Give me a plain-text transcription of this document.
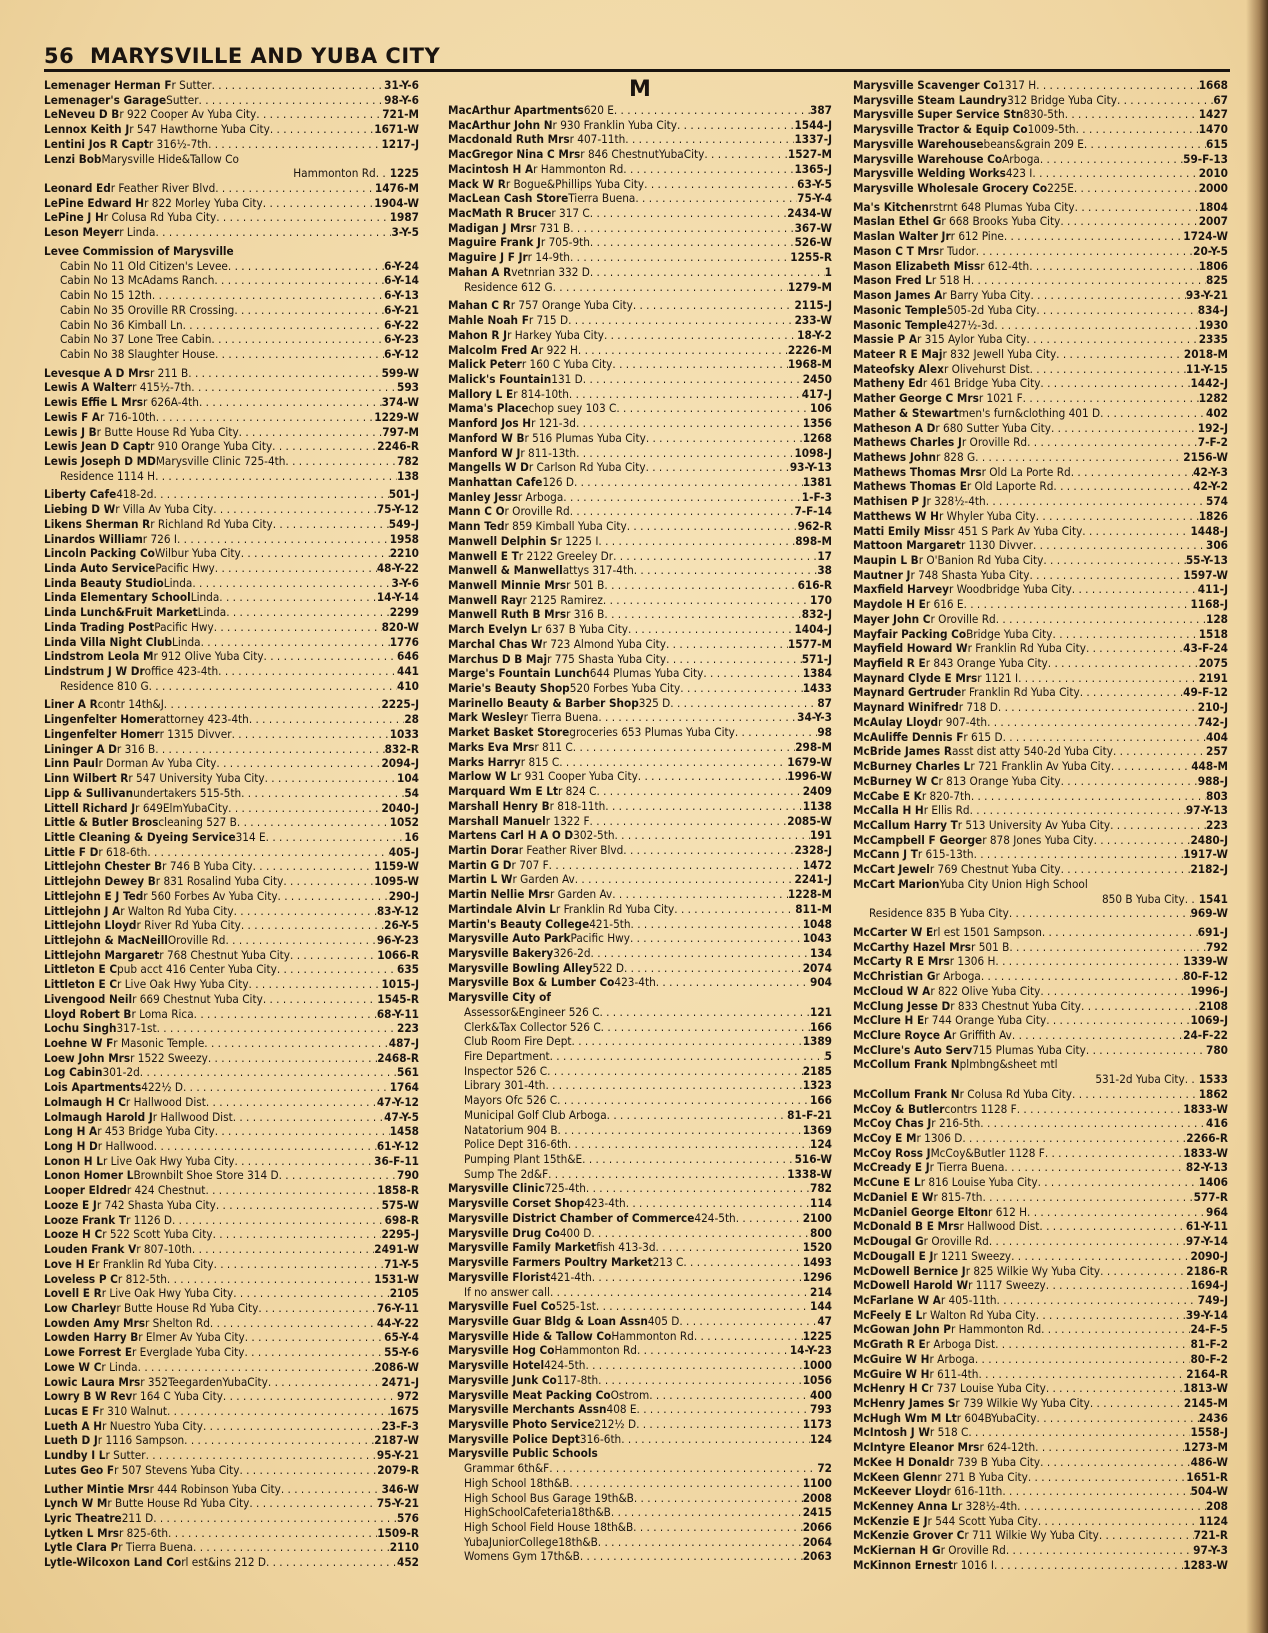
56 MARYSVILLE AND YUBA CITY
Lemenager Herman F r Sutter . . .	31-Y-6
Lemenager's Garage Sutter . . .	98-Y-6
LeNeveu D B r 922 Cooper Av Yuba City . . .	721-M
Lennox Keith J r 547 Hawthorne Yuba City . . .	1671-W
Lentini Jos R Capt r 316½-7th . . .	1217-J
Lenzi Bob Marysville Hide&Tallow Co
Hammonton Rd . . . 1225
Leonard Ed r Feather River Blvd . . .	1476-M
LePine Edward H r 822 Morley Yuba City . . .	1904-W
LePine J H r Colusa Rd Yuba City . . .	1987
Leson Meyer r Linda . . .	3-Y-5
Levee Commission of Marysville
Cabin No 11 Old Citizen's Levee . . .	6-Y-24
Cabin No 13 McAdams Ranch . . .	6-Y-14
Cabin No 15 12th . . .	6-Y-13
Cabin No 35 Oroville RR Crossing . . .	6-Y-21
Cabin No 36 Kimball Ln . . .	6-Y-22
Cabin No 37 Lone Tree Cabin . . .	6-Y-23
Cabin No 38 Slaughter House . . .	6-Y-12
Levesque A D Mrs r 211 B . . .	599-W
Lewis A Walter r 415½-7th . . .	593
Lewis Effie L Mrs r 626A-4th . . .	374-W
Lewis F A r 716-10th . . .	1229-W
Lewis J B r Butte House Rd Yuba City . . .	797-M
Lewis Jean D Capt r 910 Orange Yuba City . . .	2246-R
Lewis Joseph D MD Marysville Clinic 725-4th . . .	782
Residence 1114 H . . .	138
Liberty Cafe 418-2d . . .	501-J
Liebing D W r Villa Av Yuba City . . .	75-Y-12
Likens Sherman R r Richland Rd Yuba City . . .	549-J
Linardos William r 726 I . . .	1958
Lincoln Packing Co Wilbur Yuba City . . .	2210
Linda Auto Service Pacific Hwy . . .	48-Y-22
Linda Beauty Studio Linda . . .	3-Y-6
Linda Elementary School Linda . . .	14-Y-14
Linda Lunch&Fruit Market Linda . . .	2299
Linda Trading Post Pacific Hwy . . .	820-W
Linda Villa Night Club Linda . . .	1776
Lindstrom Leola M r 912 Olive Yuba City . . .	646
Lindstrum J W Dr office 423-4th . . .	441
Residence 810 G . . .	410
Liner A R contr 14th&J . . .	2225-J
Lingenfelter Homer attorney 423-4th . . .	28
Lingenfelter Homer r 1315 Divver . . .	1033
Lininger A D r 316 B . . .	832-R
Linn Paul r Dorman Av Yuba City . . .	2094-J
Linn Wilbert R r 547 University Yuba City . . .	104
Lipp & Sullivan undertakers 515-5th . . .	54
Littell Richard J r 649ElmYubaCity . . .	2040-J
Little & Butler Bros cleaning 527 B . . .	1052
Little Cleaning & Dyeing Service 314 E . . .	16
Little F D r 618-6th . . .	405-J
Littlejohn Chester B r 746 B Yuba City . . .	1159-W
Littlejohn Dewey B r 831 Rosalind Yuba City . . .	1095-W
Littlejohn E J Ted r 560 Forbes Av Yuba City . . .	290-J
Littlejohn J A r Walton Rd Yuba City . . .	83-Y-12
Littlejohn Lloyd r River Rd Yuba City . . .	26-Y-5
Littlejohn & MacNeill Oroville Rd . . .	96-Y-23
Littlejohn Margaret r 768 Chestnut Yuba City . . .	1066-R
Littleton E C pub acct 416 Center Yuba City . . .	635
Littleton E C r Live Oak Hwy Yuba City . . .	1015-J
Livengood Neil r 669 Chestnut Yuba City . . .	1545-R
Lloyd Robert B r Loma Rica . . .	68-Y-11
Lochu Singh 317-1st . . .	223
Loehne W F r Masonic Temple . . .	487-J
Loew John Mrs r 1522 Sweezy . . .	2468-R
Log Cabin 301-2d . . .	561
Lois Apartments 422½ D . . .	1764
Lolmaugh H C r Hallwood Dist . . .	47-Y-12
Lolmaugh Harold J r Hallwood Dist . . .	47-Y-5
Long H A r 453 Bridge Yuba City . . .	1458
Long H D r Hallwood . . .	61-Y-12
Lonon H L r Live Oak Hwy Yuba City . . .	36-F-11
Lonon Homer L Brownbilt Shoe Store 314 D . . .	790
Looper Eldred r 424 Chestnut . . .	1858-R
Looze E J r 742 Shasta Yuba City . . .	575-W
Looze Frank T r 1126 D . . .	698-R
Looze H C r 522 Scott Yuba City . . .	2295-J
Louden Frank V r 807-10th . . .	2491-W
Love H E r Franklin Rd Yuba City . . .	71-Y-5
Loveless P C r 812-5th . . .	1531-W
Lovell E R r Live Oak Hwy Yuba City . . .	2105
Low Charley r Butte House Rd Yuba City . . .	76-Y-11
Lowden Amy Mrs r Shelton Rd . . .	44-Y-22
Lowden Harry B r Elmer Av Yuba City . . .	65-Y-4
Lowe Forrest E r Everglade Yuba City . . .	55-Y-6
Lowe W C r Linda . . .	2086-W
Lowic Laura Mrs r 352TeegardenYubaCity . . .	2471-J
Lowry B W Rev r 164 C Yuba City . . .	972
Lucas E F r 310 Walnut . . .	1675
Lueth A H r Nuestro Yuba City . . .	23-F-3
Lueth D J r 1116 Sampson . . .	2187-W
Lundby I L r Sutter . . .	95-Y-21
Lutes Geo F r 507 Stevens Yuba City . . .	2079-R
Luther Mintie Mrs r 444 Robinson Yuba City . . .	346-W
Lynch W M r Butte House Rd Yuba City . . .	75-Y-21
Lyric Theatre 211 D . . .	576
Lytken L Mrs r 825-6th . . .	1509-R
Lytle Clara P r Tierra Buena . . .	2110
Lytle-Wilcoxon Land Co rl est&ins 212 D . . .	452
M
MacArthur Apartments 620 E . . .	387
MacArthur John N r 930 Franklin Yuba City . . .	1544-J
Macdonald Ruth Mrs r 407-11th . . .	1337-J
MacGregor Nina C Mrs r 846 ChestnutYubaCity . . .	1527-M
Macintosh H A r Hammonton Rd . . .	1365-J
Mack W R r Bogue&Phillips Yuba City . . .	63-Y-5
MacLean Cash Store Tierra Buena . . .	75-Y-4
MacMath R Bruce r 317 C . . .	2434-W
Madigan J Mrs r 731 B . . .	367-W
Maguire Frank J r 705-9th . . .	526-W
Maguire J F Jr r 14-9th . . .	1255-R
Mahan A R vetnrian 332 D . . .	1
Residence 612 G . . .	1279-M
Mahan C R r 757 Orange Yuba City . . .	2115-J
Mahle Noah F r 715 D . . .	233-W
Mahon R J r Harkey Yuba City . . .	18-Y-2
Malcolm Fred A r 922 H . . .	2226-M
Malick Peter r 160 C Yuba City . . .	1968-M
Malick's Fountain 131 D . . .	2450
Mallory L E r 814-10th . . .	417-J
Mama's Place chop suey 103 C . . .	106
Manford Jos H r 121-3d . . .	1356
Manford W B r 516 Plumas Yuba City . . .	1268
Manford W J r 811-13th . . .	1098-J
Mangells W D r Carlson Rd Yuba City . . .	93-Y-13
Manhattan Cafe 126 D . . .	1381
Manley Jess r Arboga . . .	1-F-3
Mann C O r Oroville Rd . . .	7-F-14
Mann Ted r 859 Kimball Yuba City . . .	962-R
Manwell Delphin S r 1225 I . . .	898-M
Manwell E T r 2122 Greeley Dr . . .	17
Manwell & Manwell attys 317-4th . . .	38
Manwell Minnie Mrs r 501 B . . .	616-R
Manwell Ray r 2125 Ramirez . . .	170
Manwell Ruth B Mrs r 316 B . . .	832-J
March Evelyn L r 637 B Yuba City . . .	1404-J
Marchal Chas W r 723 Almond Yuba City . . .	1577-M
Marchus D B Maj r 775 Shasta Yuba City . . .	571-J
Marge's Fountain Lunch 644 Plumas Yuba City . . .	1384
Marie's Beauty Shop 520 Forbes Yuba City . . .	1433
Marinello Beauty & Barber Shop 325 D . . .	87
Mark Wesley r Tierra Buena . . .	34-Y-3
Market Basket Store groceries 653 Plumas Yuba City . . .	98
Marks Eva Mrs r 811 C . . .	298-M
Marks Harry r 815 C . . .	1679-W
Marlow W L r 931 Cooper Yuba City . . .	1996-W
Marquard Wm E Lt r 824 C . . .	2409
Marshall Henry B r 818-11th . . .	1138
Marshall Manuel r 1322 F . . .	2085-W
Martens Carl H A O D 302-5th . . .	191
Martin Dora r Feather River Blvd . . .	2328-J
Martin G D r 707 F . . .	1472
Martin L W r Garden Av . . .	2241-J
Martin Nellie Mrs r Garden Av . . .	1228-M
Martindale Alvin L r Franklin Rd Yuba City . . .	811-M
Martin's Beauty College 421-5th . . .	1048
Marysville Auto Park Pacific Hwy . . .	1043
Marysville Bakery 326-2d . . .	134
Marysville Bowling Alley 522 D . . .	2074
Marysville Box & Lumber Co 423-4th . . .	904
Marysville City of
Assessor&Engineer 526 C . . .	121
Clerk&Tax Collector 526 C . . .	166
Club Room Fire Dept . . .	1389
Fire Department . . .	5
Inspector 526 C . . .	2185
Library 301-4th . . .	1323
Mayors Ofc 526 C . . .	166
Municipal Golf Club Arboga . . .	81-F-21
Natatorium 904 B . . .	1369
Police Dept 316-6th . . .	124
Pumping Plant 15th&E . . .	516-W
Sump The 2d&F . . .	1338-W
Marysville Clinic 725-4th . . .	782
Marysville Corset Shop 423-4th . . .	114
Marysville District Chamber of Commerce 424-5th . . .	2100
Marysville Drug Co 400 D . . .	800
Marysville Family Market fish 413-3d . . .	1520
Marysville Farmers Poultry Market 213 C . . .	1493
Marysville Florist 421-4th . . .	1296
If no answer call . . .	214
Marysville Fuel Co 525-1st . . .	144
Marysville Guar Bldg & Loan Assn 405 D . . .	47
Marysville Hide & Tallow Co Hammonton Rd . . .	1225
Marysville Hog Co Hammonton Rd . . .	14-Y-23
Marysville Hotel 424-5th . . .	1000
Marysville Junk Co 117-8th . . .	1056
Marysville Meat Packing Co Ostrom . . .	400
Marysville Merchants Assn 408 E . . .	793
Marysville Photo Service 212½ D . . .	1173
Marysville Police Dept 316-6th . . .	124
Marysville Public Schools
Grammar 6th&F . . .	72
High School 18th&B . . .	1100
High School Bus Garage 19th&B . . .	2008
HighSchoolCafeteria18th&B . . .	2415
High School Field House 18th&B . . .	2066
YubaJuniorCollege18th&B . . .	2064
Womens Gym 17th&B . . .	2063
Marysville Scavenger Co 1317 H . . .	1668
Marysville Steam Laundry 312 Bridge Yuba City . . .	67
Marysville Super Service Stn 830-5th . . .	1427
Marysville Tractor & Equip Co 1009-5th . . .	1470
Marysville Warehouse beans&grain 209 E . . .	615
Marysville Warehouse Co Arboga . . .	59-F-13
Marysville Welding Works 423 I . . .	2010
Marysville Wholesale Grocery Co 225E . . .	2000
Ma's Kitchen rstrnt 648 Plumas Yuba City . . .	1804
Maslan Ethel G r 668 Brooks Yuba City . . .	2007
Maslan Walter Jr r 612 Pine . . .	1724-W
Mason C T Mrs r Tudor . . .	20-Y-5
Mason Elizabeth Miss r 612-4th . . .	1806
Mason Fred L r 518 H . . .	825
Mason James A r Barry Yuba City . . .	93-Y-21
Masonic Temple 505-2d Yuba City . . .	834-J
Masonic Temple 427½-3d . . .	1930
Massie P A r 315 Aylor Yuba City . . .	2335
Mateer R E Maj r 832 Jewell Yuba City . . .	2018-M
Mateofsky Alex r Olivehurst Dist . . .	11-Y-15
Matheny Ed r 461 Bridge Yuba City . . .	1442-J
Mather George C Mrs r 1021 F . . .	1282
Mather & Stewart men's furn&clothing 401 D . . .	402
Matheson A D r 680 Sutter Yuba City . . .	192-J
Mathews Charles J r Oroville Rd . . .	7-F-2
Mathews John r 828 G . . .	2156-W
Mathews Thomas Mrs r Old La Porte Rd . . .	42-Y-3
Mathews Thomas E r Old Laporte Rd . . .	42-Y-2
Mathisen P J r 328½-4th . . .	574
Matthews W H r Whyler Yuba City . . .	1826
Matti Emily Miss r 451 S Park Av Yuba City . . .	1448-J
Mattoon Margaret r 1130 Divver . . .	306
Maupin L B r O'Banion Rd Yuba City . . .	55-Y-13
Mautner J r 748 Shasta Yuba City . . .	1597-W
Maxfield Harvey r Woodbridge Yuba City . . .	411-J
Maydole H E r 616 E . . .	1168-J
Mayer John C r Oroville Rd . . .	128
Mayfair Packing Co Bridge Yuba City . . .	1518
Mayfield Howard W r Franklin Rd Yuba City . . .	43-F-24
Mayfield R E r 843 Orange Yuba City . . .	2075
Maynard Clyde E Mrs r 1121 I . . .	2191
Maynard Gertrude r Franklin Rd Yuba City . . .	49-F-12
Maynard Winifred r 718 D . . .	210-J
McAulay Lloyd r 907-4th . . .	742-J
McAuliffe Dennis F r 615 D . . .	404
McBride James R asst dist atty 540-2d Yuba City . . .	257
McBurney Charles L r 721 Franklin Av Yuba City . . .	448-M
McBurney W C r 813 Orange Yuba City . . .	988-J
McCabe E K r 820-7th . . .	803
McCalla H H r Ellis Rd . . .	97-Y-13
McCallum Harry T r 513 University Av Yuba City . . .	223
McCampbell F George r 878 Jones Yuba City . . .	2480-J
McCann J T r 615-13th . . .	1917-W
McCart Jewel r 769 Chestnut Yuba City . . .	2182-J
McCart Marion Yuba City Union High School
850 B Yuba City . . . 1541
Residence 835 B Yuba City . . .	969-W
McCarter W E rl est 1501 Sampson . . .	691-J
McCarthy Hazel Mrs r 501 B . . .	792
McCarty R E Mrs r 1306 H . . .	1339-W
McChristian G r Arboga . . .	80-F-12
McCloud W A r 822 Olive Yuba City . . .	1996-J
McClung Jesse D r 833 Chestnut Yuba City . . .	2108
McClure H E r 744 Orange Yuba City . . .	1069-J
McClure Royce A r Griffith Av . . .	24-F-22
McClure's Auto Serv 715 Plumas Yuba City . . .	780
McCollum Frank N plmbng&sheet mtl
531-2d Yuba City . . . 1533
McCollum Frank N r Colusa Rd Yuba City . . .	1862
McCoy & Butler contrs 1128 F . . .	1833-W
McCoy Chas J r 216-5th . . .	416
McCoy E M r 1306 D . . .	2266-R
McCoy Ross J McCoy&Butler 1128 F . . .	1833-W
McCready E J r Tierra Buena . . .	82-Y-13
McCune E L r 816 Louise Yuba City . . .	1406
McDaniel E W r 815-7th . . .	577-R
McDaniel George Elton r 612 H . . .	964
McDonald B E Mrs r Hallwood Dist . . .	61-Y-11
McDougal G r Oroville Rd . . .	97-Y-14
McDougall E J r 1211 Sweezy . . .	2090-J
McDowell Bernice J r 825 Wilkie Wy Yuba City . . .	2186-R
McDowell Harold W r 1117 Sweezy . . .	1694-J
McFarlane W A r 405-11th . . .	749-J
McFeely E L r Walton Rd Yuba City . . .	39-Y-14
McGowan John P r Hammonton Rd . . .	24-F-5
McGrath R E r Arboga Dist . . .	81-F-2
McGuire W H r Arboga . . .	80-F-2
McGuire W H r 611-4th . . .	2164-R
McHenry H C r 737 Louise Yuba City . . .	1813-W
McHenry James S r 739 Wilkie Wy Yuba City . . .	2145-M
McHugh Wm M Lt r 604BYubaCity . . .	2436
McIntosh J W r 518 C . . .	1558-J
McIntyre Eleanor Mrs r 624-12th . . .	1273-M
McKee H Donald r 739 B Yuba City . . .	486-W
McKeen Glenn r 271 B Yuba City . . .	1651-R
McKeever Lloyd r 616-11th . . .	504-W
McKenney Anna L r 328½-4th . . .	208
McKenzie E J r 544 Scott Yuba City . . .	1124
McKenzie Grover C r 711 Wilkie Wy Yuba City . . .	721-R
McKiernan H G r Oroville Rd . . .	97-Y-3
McKinnon Ernest r 1016 I . . .	1283-W
